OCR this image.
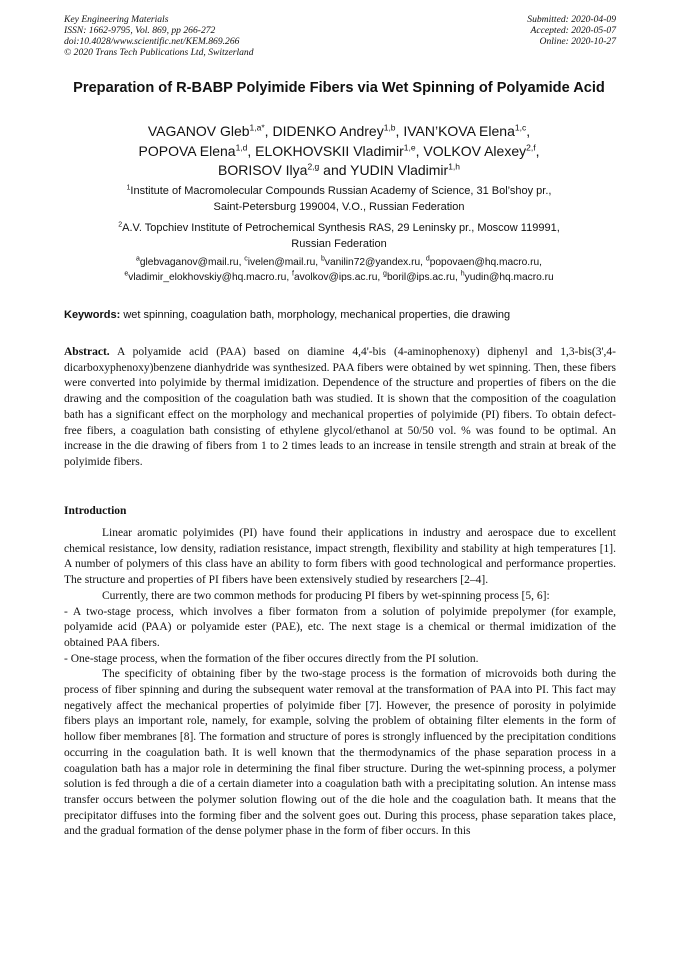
Key Engineering Materials
ISSN: 1662-9795, Vol. 869, pp 266-272
doi:10.4028/www.scientific.net/KEM.869.266
© 2020 Trans Tech Publications Ltd, Switzerland
Submitted: 2020-04-09
Accepted: 2020-05-07
Online: 2020-10-27
Preparation of R-BABP Polyimide Fibers via Wet Spinning of Polyamide Acid
VAGANOV Gleb$^{1,a*}$, DIDENKO Andrey$^{1,b}$, IVAN’KOVA Elena$^{1,c}$,
POPOVA Elena$^{1,d}$, ELOKHOVSKII Vladimir$^{1,e}$, VOLKOV Alexey$^{2,f}$,
BORISOV Ilya$^{2,g}$ and YUDIN Vladimir$^{1,h}$
$^1$Institute of Macromolecular Compounds Russian Academy of Science, 31 Bol’shoy pr.,
Saint-Petersburg 199004, V.O., Russian Federation
$^2$A.V. Topchiev Institute of Petrochemical Synthesis RAS, 29 Leninsky pr., Moscow 119991,
Russian Federation
$^a$glebvaganov@mail.ru, $^c$ivelen@mail.ru, $^b$vanilin72@yandex.ru, $^d$popovaen@hq.macro.ru,
$^e$vladimir_elokhovskiy@hq.macro.ru, $^f$avolkov@ips.ac.ru, $^g$boril@ips.ac.ru, $^h$yudin@hq.macro.ru
Keywords: wet spinning, coagulation bath, morphology, mechanical properties, die drawing
Abstract. A polyamide acid (PAA) based on diamine 4,4'-bis (4-aminophenoxy) diphenyl and 1,3-bis(3',4-dicarboxyphenoxy)benzene dianhydride was synthesized. PAA fibers were obtained by wet spinning. Then, these fibers were converted into polyimide by thermal imidization. Dependence of the structure and properties of fibers on the die drawing and the composition of the coagulation bath was studied. It is shown that the composition of the coagulation bath has a significant effect on the morphology and mechanical properties of polyimide (PI) fibers. To obtain defect-free fibers, a coagulation bath consisting of ethylene glycol/ethanol at 50/50 vol. % was found to be optimal. An increase in the die drawing of fibers from 1 to 2 times leads to an increase in tensile strength and strain at break of the polyimide fibers.
Introduction

Linear aromatic polyimides (PI) have found their applications in industry and aerospace due to excellent chemical resistance, low density, radiation resistance, impact strength, flexibility and stability at high temperatures [1]. A number of polymers of this class have an ability to form fibers with good technological and performance properties. The structure and properties of PI fibers have been extensively studied by researchers [2–4].

Currently, there are two common methods for producing PI fibers by wet-spinning process [5, 6]:

- A two-stage process, which involves a fiber formaton from a solution of polyimide prepolymer (for example, polyamide acid (PAA) or polyamide ester (PAE), etc. The next stage is a chemical or thermal imidization of the obtained PAA fibers.

- One-stage process, when the formation of the fiber occures directly from the PI solution.

The specificity of obtaining fiber by the two-stage process is the formation of microvoids both during the process of fiber spinning and during the subsequent water removal at the transformation of PAA into PI. This fact may negatively affect the mechanical properties of polyimide fiber [7]. However, the presence of porosity in polyimide fibers plays an important role, namely, for example, solving the problem of obtaining filter elements in the form of hollow fiber membranes [8]. The formation and structure of pores is strongly influenced by the precipitation conditions occurring in the coagulation bath. It is well known that the thermodynamics of the phase separation process in a coagulation bath has a major role in determining the final fiber structure. During the wet-spinning process, a polymer solution is fed through a die of a certain diameter into a coagulation bath with a precipitating solution. An intense mass transfer occurs between the polymer solution flowing out of the die hole and the coagulation bath. It means that the precipitator diffuses into the forming fiber and the solvent goes out. During this process, phase separation takes place, and the gradual formation of the dense polymer phase in the form of fiber occurs. In this
